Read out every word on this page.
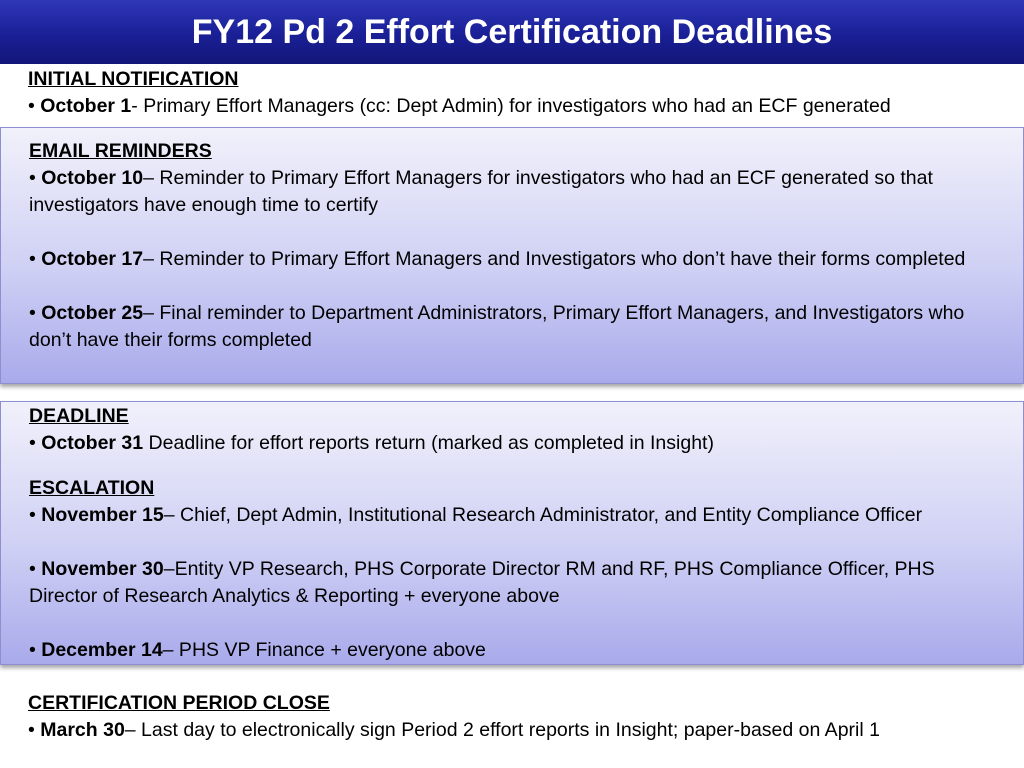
FY12 Pd 2 Effort Certification Deadlines
INITIAL NOTIFICATION

• October 1- Primary Effort Managers (cc: Dept Admin) for investigators who had an ECF generated

EMAIL REMINDERS

• October 10– Reminder to Primary Effort Managers for investigators who had an ECF generated so that investigators have enough time to certify

• October 17– Reminder to Primary Effort Managers and Investigators who don’t have their forms completed

• October 25– Final reminder to Department Administrators, Primary Effort Managers, and Investigators who don’t have their forms completed

DEADLINE

• October 31 Deadline for effort reports return (marked as completed in Insight)

ESCALATION

• November 15– Chief, Dept Admin, Institutional Research Administrator, and Entity Compliance Officer

• November 30–Entity VP Research, PHS Corporate Director RM and RF, PHS Compliance Officer, PHS Director of Research Analytics & Reporting + everyone above

• December 14– PHS VP Finance + everyone above

CERTIFICATION PERIOD CLOSE

• March 30– Last day to electronically sign Period 2 effort reports in Insight; paper-based on April 1
